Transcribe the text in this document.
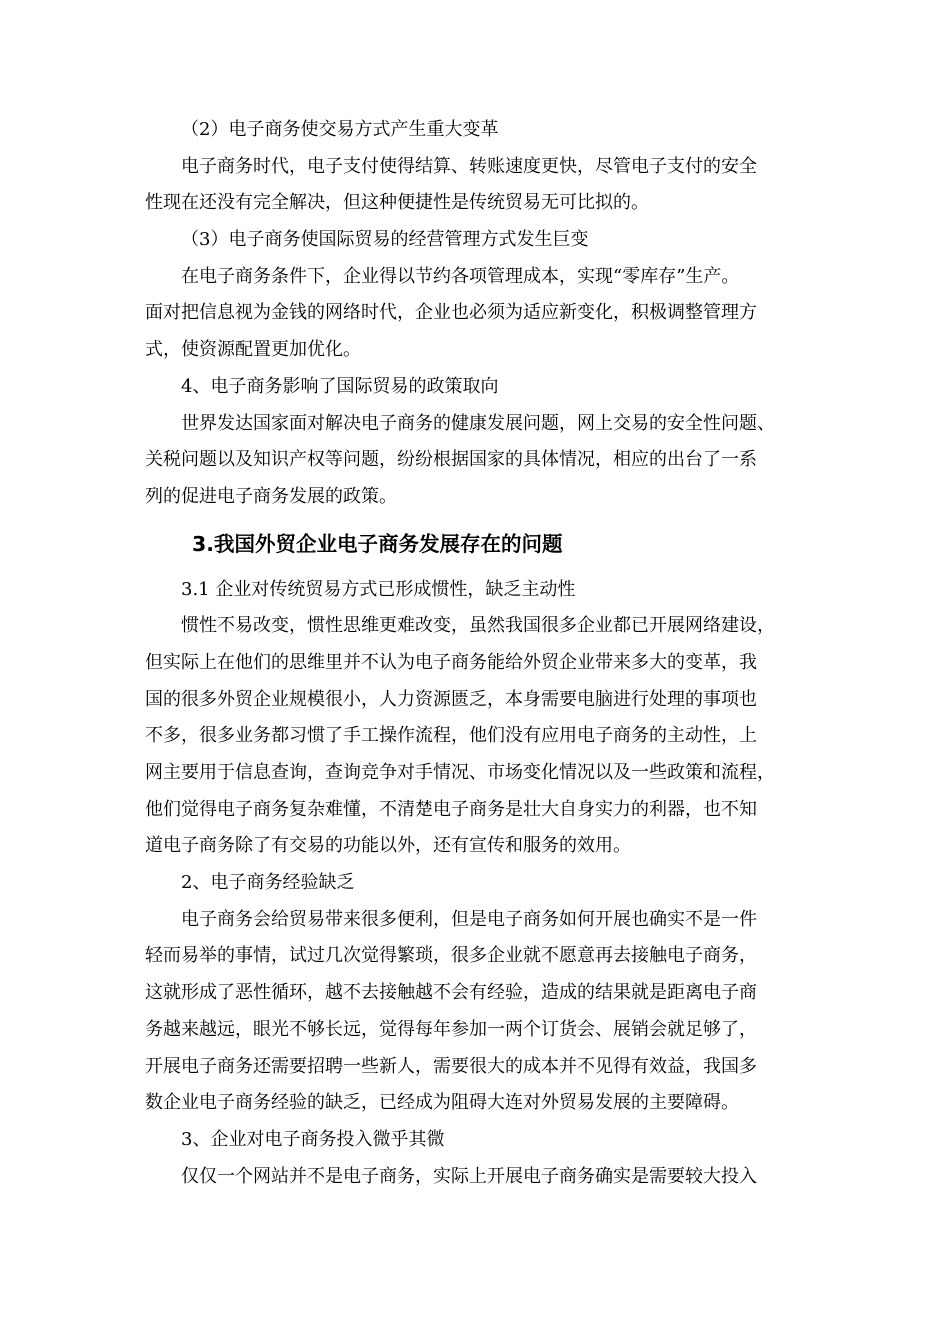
（2）电子商务使交易方式产生重大变革
电子商务时代，电子支付使得结算、转账速度更快，尽管电子支付的安全
性现在还没有完全解决，但这种便捷性是传统贸易无可比拟的。
（3）电子商务使国际贸易的经营管理方式发生巨变
在电子商务条件下，企业得以节约各项管理成本，实现“零库存”生产。
面对把信息视为金钱的网络时代，企业也必须为适应新变化，积极调整管理方
式，使资源配置更加优化。
4、电子商务影响了国际贸易的政策取向
世界发达国家面对解决电子商务的健康发展问题，网上交易的安全性问题、
关税问题以及知识产权等问题，纷纷根据国家的具体情况，相应的出台了一系
列的促进电子商务发展的政策。
3.我国外贸企业电子商务发展存在的问题
3.1 企业对传统贸易方式已形成惯性，缺乏主动性
惯性不易改变，惯性思维更难改变，虽然我国很多企业都已开展网络建设，
但实际上在他们的思维里并不认为电子商务能给外贸企业带来多大的变革，我
国的很多外贸企业规模很小，人力资源匮乏，本身需要电脑进行处理的事项也
不多，很多业务都习惯了手工操作流程，他们没有应用电子商务的主动性，上
网主要用于信息查询，查询竞争对手情况、市场变化情况以及一些政策和流程，
他们觉得电子商务复杂难懂，不清楚电子商务是壮大自身实力的利器，也不知
道电子商务除了有交易的功能以外，还有宣传和服务的效用。
2、电子商务经验缺乏
电子商务会给贸易带来很多便利，但是电子商务如何开展也确实不是一件
轻而易举的事情，试过几次觉得繁琐，很多企业就不愿意再去接触电子商务，
这就形成了恶性循环，越不去接触越不会有经验，造成的结果就是距离电子商
务越来越远，眼光不够长远，觉得每年参加一两个订货会、展销会就足够了，
开展电子商务还需要招聘一些新人，需要很大的成本并不见得有效益，我国多
数企业电子商务经验的缺乏，已经成为阻碍大连对外贸易发展的主要障碍。
3、企业对电子商务投入微乎其微
仅仅一个网站并不是电子商务，实际上开展电子商务确实是需要较大投入
